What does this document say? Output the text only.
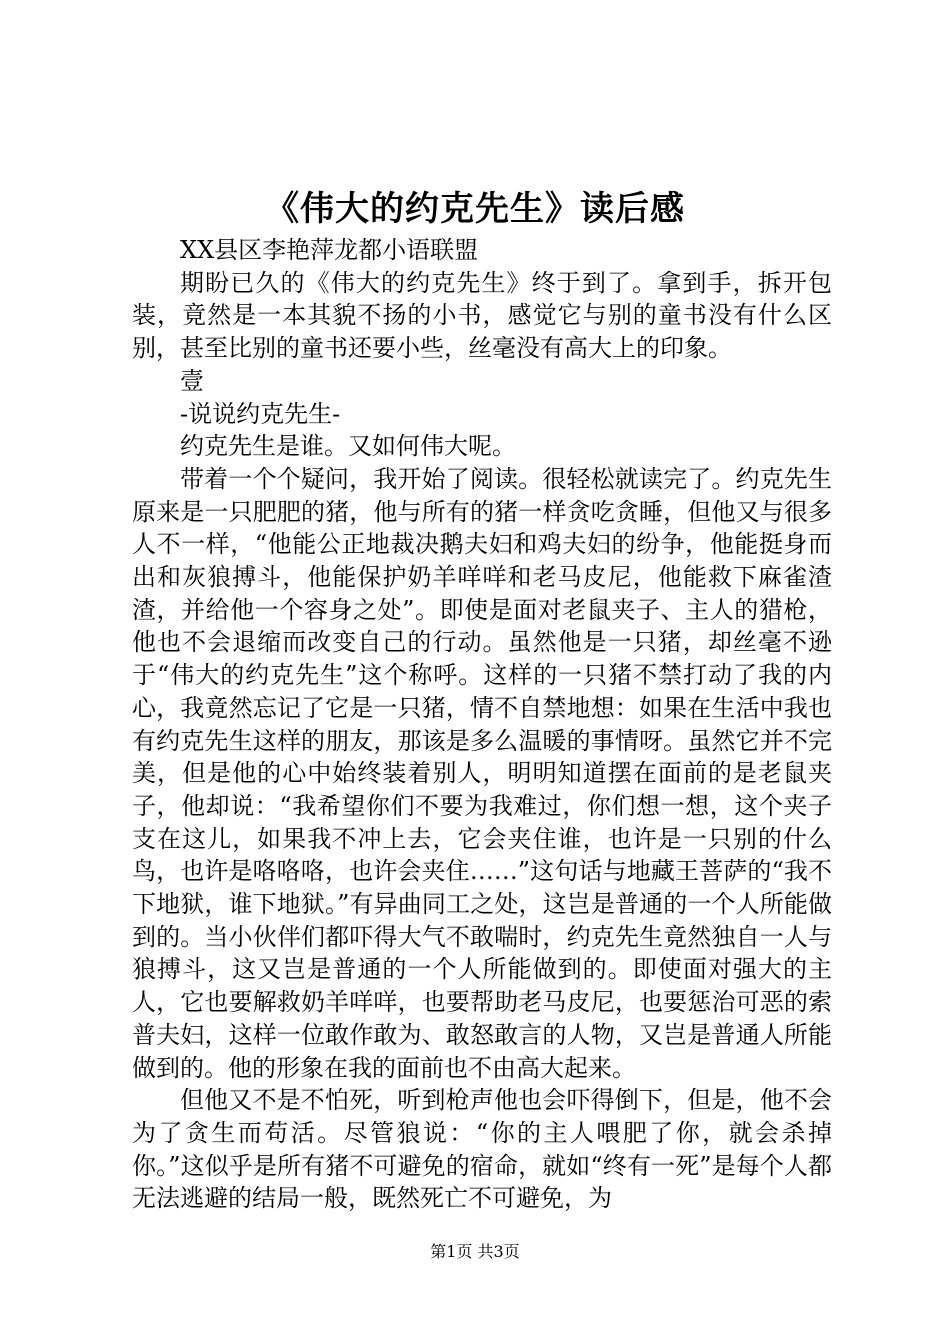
《伟大的约克先生》读后感

XX县区李艳萍龙都小语联盟

期盼已久的《伟大的约克先生》终于到了。拿到手，拆开包装，竟然是一本其貌不扬的小书，感觉它与别的童书没有什么区别，甚至比别的童书还要小些，丝毫没有高大上的印象。

壹

-说说约克先生-

约克先生是谁。又如何伟大呢。

带着一个个疑问，我开始了阅读。很轻松就读完了。约克先生原来是一只肥肥的猪，他与所有的猪一样贪吃贪睡，但他又与很多人不一样，“他能公正地裁决鹅夫妇和鸡夫妇的纷争，他能挺身而出和灰狼搏斗，他能保护奶羊咩咩和老马皮尼，他能救下麻雀渣渣，并给他一个容身之处”。即使是面对老鼠夹子、主人的猎枪，他也不会退缩而改变自己的行动。虽然他是一只猪，却丝毫不逊于“伟大的约克先生”这个称呼。这样的一只猪不禁打动了我的内心，我竟然忘记了它是一只猪，情不自禁地想：如果在生活中我也有约克先生这样的朋友，那该是多么温暖的事情呀。虽然它并不完美，但是他的心中始终装着别人，明明知道摆在面前的是老鼠夹子，他却说：“我希望你们不要为我难过，你们想一想，这个夹子支在这儿，如果我不冲上去，它会夹住谁，也许是一只别的什么鸟，也许是咯咯咯，也许会夹住……”这句话与地藏王菩萨的“我不下地狱，谁下地狱。”有异曲同工之处，这岂是普通的一个人所能做到的。当小伙伴们都吓得大气不敢喘时，约克先生竟然独自一人与狼搏斗，这又岂是普通的一个人所能做到的。即使面对强大的主人，它也要解救奶羊咩咩，也要帮助老马皮尼，也要惩治可恶的索普夫妇，这样一位敢作敢为、敢怒敢言的人物，又岂是普通人所能做到的。他的形象在我的面前也不由高大起来。

但他又不是不怕死，听到枪声他也会吓得倒下，但是，他不会为了贪生而苟活。尽管狼说：“你的主人喂肥了你，就会杀掉你。”这似乎是所有猪不可避免的宿命，就如“终有一死”是每个人都无法逃避的结局一般，既然死亡不可避免，为

第1页 共3页
